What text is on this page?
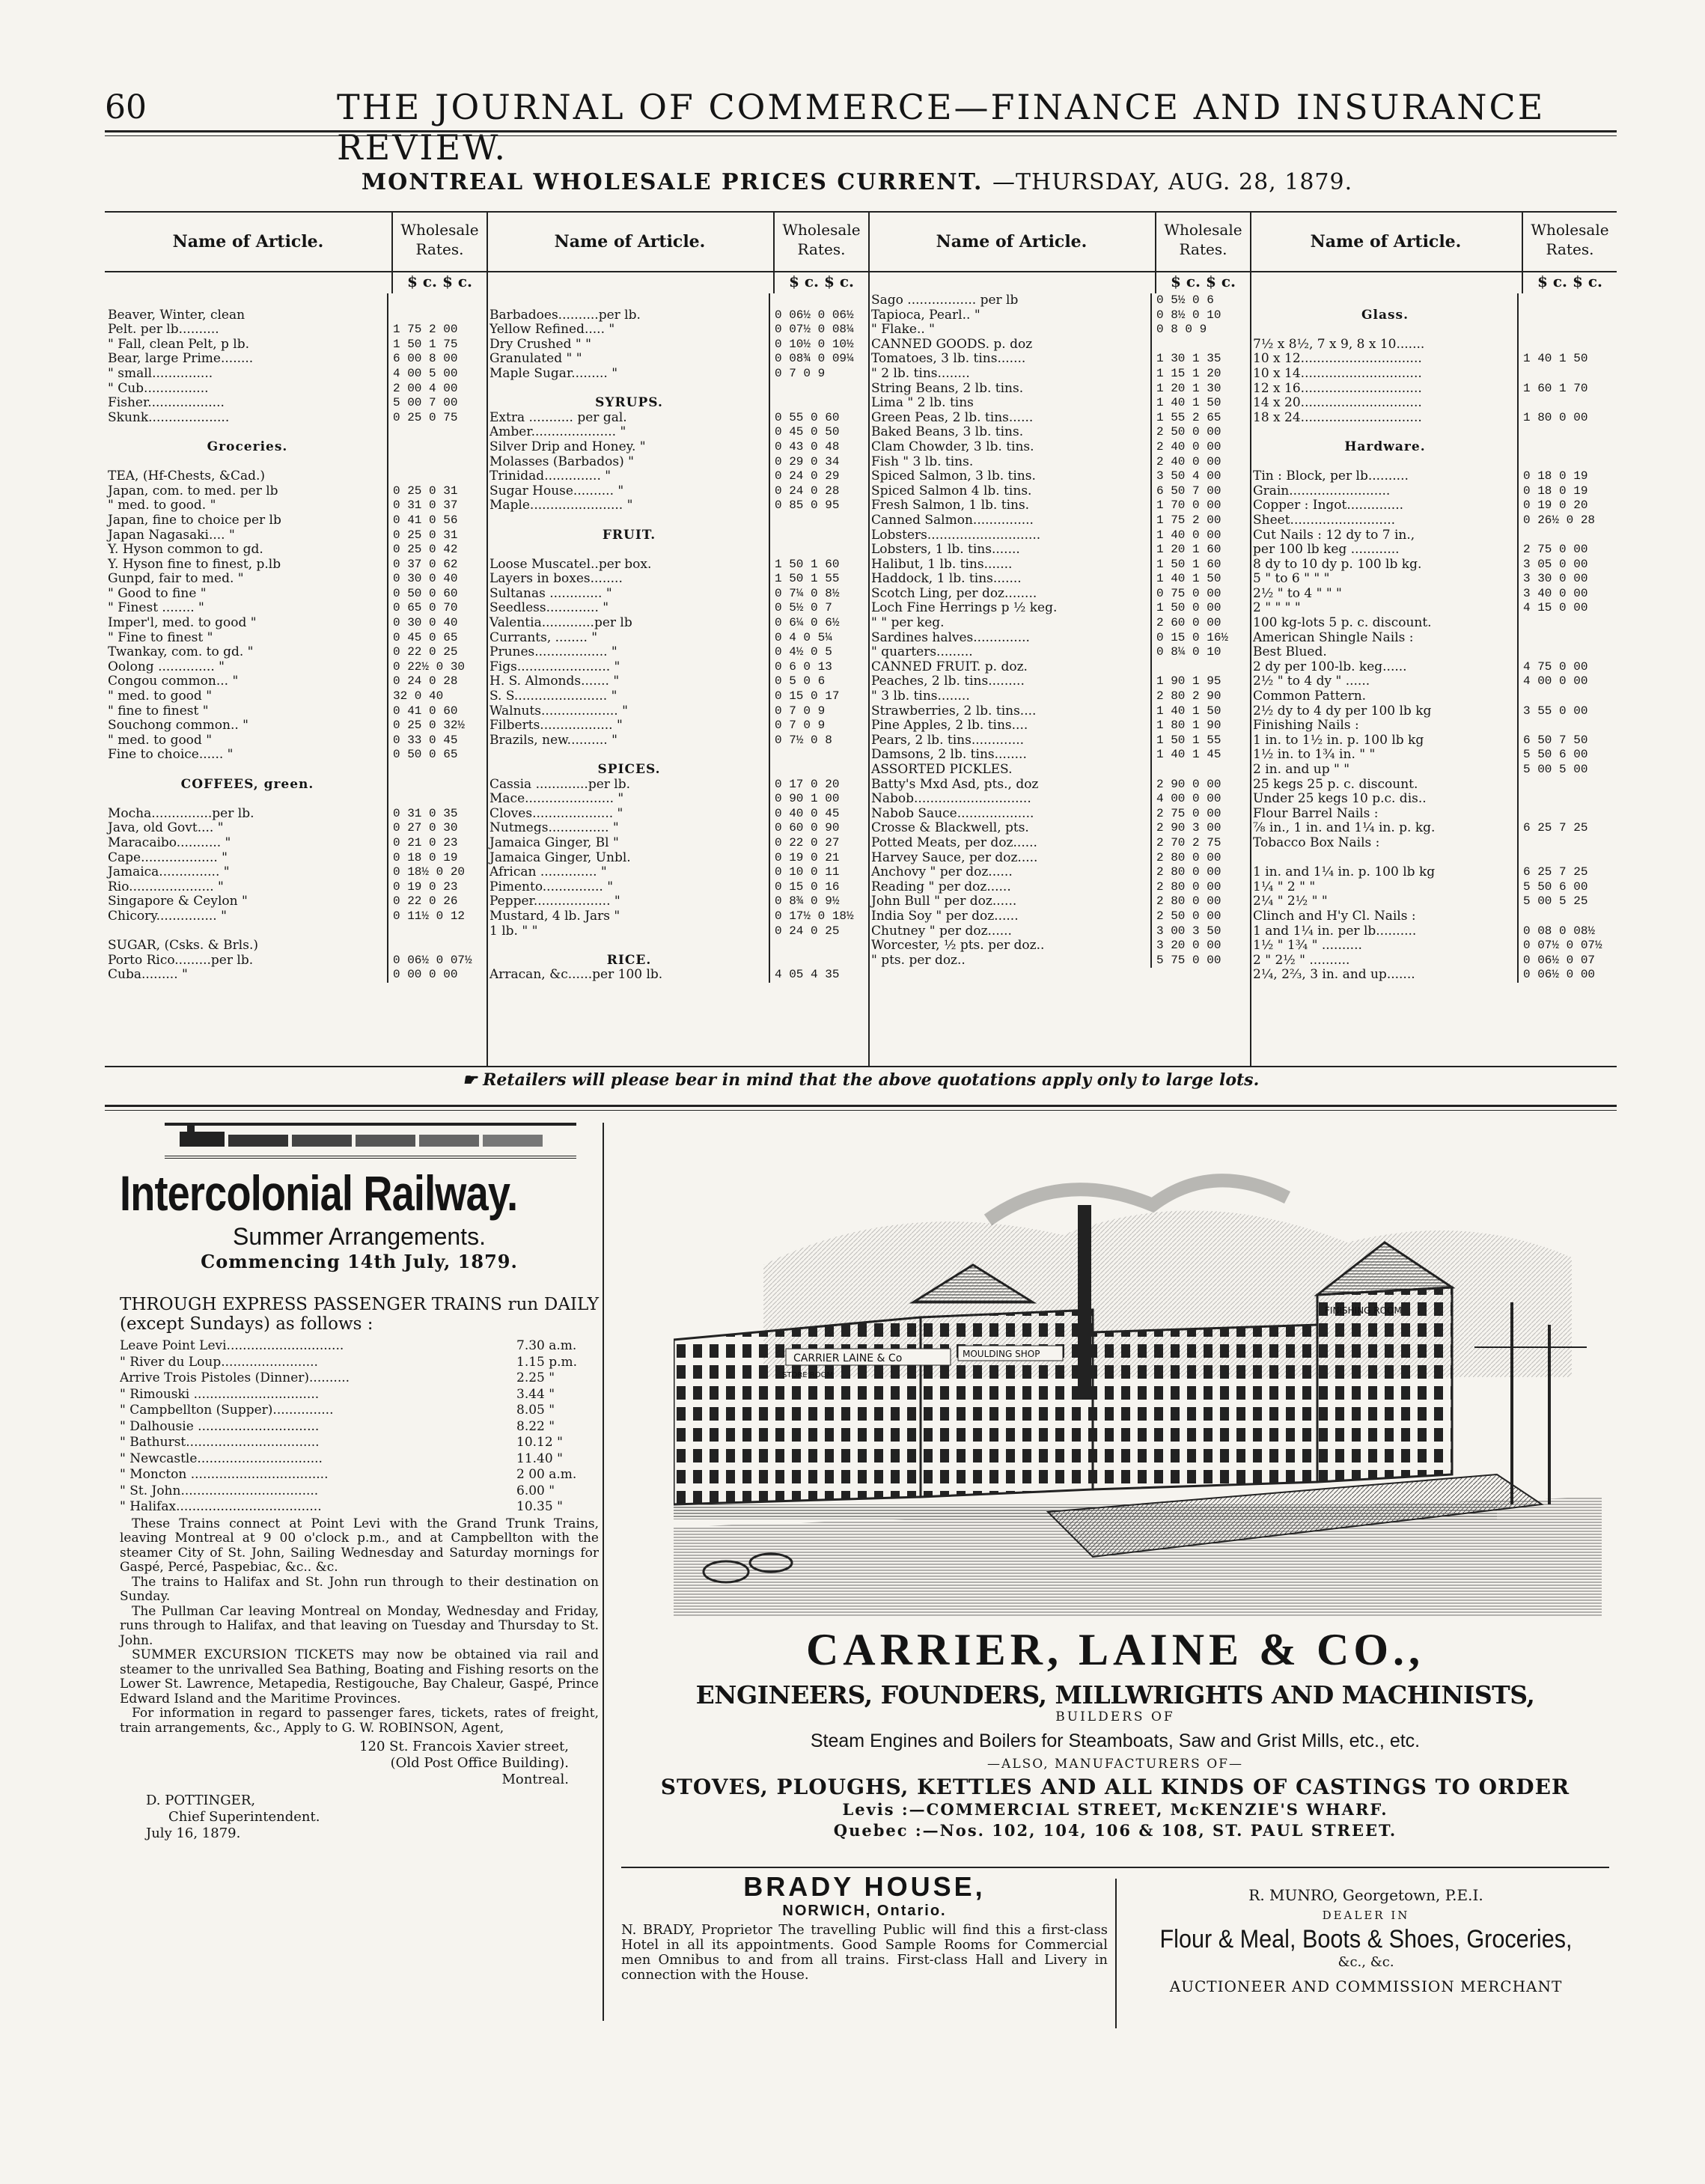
60	THE JOURNAL OF COMMERCE—FINANCE AND INSURANCE REVIEW.
MONTREAL WHOLESALE PRICES CURRENT. —THURSDAY, AUG. 28, 1879.
Name of Article.
Wholesale Rates.
$ c. $ c.
Beaver, Winter, clean
Pelt. per lb..........	1 75 2 00
" Fall, clean Pelt, p lb.	1 50 1 75
Bear, large Prime........	6 00 8 00
" small...............	4 00 5 00
" Cub................	2 00 4 00
Fisher...................	5 00 7 00
Skunk....................	0 25 0 75
Groceries.
TEA, (Hf-Chests, &Cad.)
Japan, com. to med. per lb	0 25 0 31
" med. to good. "	0 31 0 37
Japan, fine to choice per lb	0 41 0 56
Japan Nagasaki.... "	0 25 0 31
Y. Hyson common to gd.	0 25 0 42
Y. Hyson fine to finest, p.lb	0 37 0 62
Gunpd, fair to med. "	0 30 0 40
" Good to fine "	0 50 0 60
" Finest ........ "	0 65 0 70
Imper'l, med. to good "	0 30 0 40
" Fine to finest "	0 45 0 65
Twankay, com. to gd. "	0 22 0 25
Oolong .............. "	0 22½ 0 30
Congou common... "	0 24 0 28
" med. to good "	32 0 40
" fine to finest "	0 41 0 60
Souchong common.. "	0 25 0 32½
" med. to good "	0 33 0 45
Fine to choice...... "	0 50 0 65
COFFEES, green.
Mocha...............per lb.	0 31 0 35
Java, old Govt.... "	0 27 0 30
Maracaibo........... "	0 21 0 23
Cape................... "	0 18 0 19
Jamaica............... "	0 18½ 0 20
Rio..................... "	0 19 0 23
Singapore & Ceylon "	0 22 0 26
Chicory............... "	0 11½ 0 12
SUGAR, (Csks. & Brls.)
Porto Rico.........per lb.	0 06½ 0 07½
Cuba......... "	0 00 0 00
Name of Article.
Wholesale Rates.
$ c. $ c.
Barbadoes..........per lb.	0 06½ 0 06½
Yellow Refined..... "	0 07½ 0 08¼
Dry Crushed " "	0 10½ 0 10½
Granulated " "	0 08¾ 0 09¼
Maple Sugar......... "	0 7 0 9
SYRUPS.
Extra ........... per gal.	0 55 0 60
Amber..................... "	0 45 0 50
Silver Drip and Honey. "	0 43 0 48
Molasses (Barbados) "	0 29 0 34
Trinidad.............. "	0 24 0 29
Sugar House.......... "	0 24 0 28
Maple....................... "	0 85 0 95
FRUIT.
Loose Muscatel..per box.	1 50 1 60
Layers in boxes........	1 50 1 55
Sultanas ............. "	0 7¼ 0 8½
Seedless............. "	0 5½ 0 7
Valentia.............per lb	0 6¼ 0 6½
Currants, ........ "	0 4 0 5¼
Prunes.................. "	0 4½ 0 5
Figs....................... "	0 6 0 13
H. S. Almonds....... "	0 5 0 6
S. S....................... "	0 15 0 17
Walnuts................... "	0 7 0 9
Filberts.................. "	0 7 0 9
Brazils, new.......... "	0 7½ 0 8
SPICES.
Cassia .............per lb.	0 17 0 20
Mace...................... "	0 90 1 00
Cloves.................... "	0 40 0 45
Nutmegs............... "	0 60 0 90
Jamaica Ginger, Bl "	0 22 0 27
Jamaica Ginger, Unbl.	0 19 0 21
African .............. "	0 10 0 11
Pimento............... "	0 15 0 16
Pepper................... "	0 8¾ 0 9½
Mustard, 4 lb. Jars "	0 17½ 0 18½
1 lb. " "	0 24 0 25
RICE.
Arracan, &c......per 100 lb.	4 05 4 35
Name of Article.
Wholesale Rates.
$ c. $ c.
Sago ................. per lb	0 5½ 0 6
Tapioca, Pearl.. "	0 8½ 0 10
" Flake.. "	0 8 0 9
CANNED GOODS. p. doz
Tomatoes, 3 lb. tins.......	1 30 1 35
" 2 lb. tins........	1 15 1 20
String Beans, 2 lb. tins.	1 20 1 30
Lima " 2 lb. tins	1 40 1 50
Green Peas, 2 lb. tins......	1 55 2 65
Baked Beans, 3 lb. tins.	2 50 0 00
Clam Chowder, 3 lb. tins.	2 40 0 00
Fish " 3 lb. tins.	2 40 0 00
Spiced Salmon, 3 lb. tins.	3 50 4 00
Spiced Salmon 4 lb. tins.	6 50 7 00
Fresh Salmon, 1 lb. tins.	1 70 0 00
Canned Salmon...............	1 75 2 00
Lobsters............................	1 40 0 00
Lobsters, 1 lb. tins.......	1 20 1 60
Halibut, 1 lb. tins.......	1 50 1 60
Haddock, 1 lb. tins.......	1 40 1 50
Scotch Ling, per doz........	0 75 0 00
Loch Fine Herrings p ½ keg.	1 50 0 00
" " per keg.	2 60 0 00
Sardines halves..............	0 15 0 16½
" quarters.........	0 8¼ 0 10
CANNED FRUIT. p. doz.
Peaches, 2 lb. tins.........	1 90 1 95
" 3 lb. tins........	2 80 2 90
Strawberries, 2 lb. tins....	1 40 1 50
Pine Apples, 2 lb. tins....	1 80 1 90
Pears, 2 lb. tins.............	1 50 1 55
Damsons, 2 lb. tins........	1 40 1 45
ASSORTED PICKLES.
Batty's Mxd Asd, pts., doz	2 90 0 00
Nabob.............................	4 00 0 00
Nabob Sauce...................	2 75 0 00
Crosse & Blackwell, pts.	2 90 3 00
Potted Meats, per doz......	2 70 2 75
Harvey Sauce, per doz.....	2 80 0 00
Anchovy " per doz......	2 80 0 00
Reading " per doz......	2 80 0 00
John Bull " per doz......	2 80 0 00
India Soy " per doz......	2 50 0 00
Chutney " per doz......	3 00 3 50
Worcester, ½ pts. per doz..	3 20 0 00
" pts. per doz..	5 75 0 00
Name of Article.
Wholesale Rates.
$ c. $ c.
Glass.
7½ x 8½, 7 x 9, 8 x 10.......
10 x 12..............................	1 40 1 50
10 x 14..............................
12 x 16..............................	1 60 1 70
14 x 20..............................
18 x 24..............................	1 80 0 00
Hardware.
Tin : Block, per lb..........	0 18 0 19
Grain.........................	0 18 0 19
Copper : Ingot..............	0 19 0 20
Sheet..........................	0 26½ 0 28
Cut Nails : 12 dy to 7 in.,
per 100 lb keg ............	2 75 0 00
8 dy to 10 dy p. 100 lb kg.	3 05 0 00
5 " to 6 " " "	3 30 0 00
2½ " to 4 " " "	3 40 0 00
2 " " " "	4 15 0 00
100 kg-lots 5 p. c. discount.
American Shingle Nails :
Best Blued.
2 dy per 100-lb. keg......	4 75 0 00
2½ " to 4 dy " ......	4 00 0 00
Common Pattern.
2½ dy to 4 dy per 100 lb kg	3 55 0 00
Finishing Nails :
1 in. to 1½ in. p. 100 lb kg	6 50 7 50
1½ in. to 1¾ in. " "	5 50 6 00
2 in. and up " "	5 00 5 00
25 kegs 25 p. c. discount.
Under 25 kegs 10 p.c. dis..
Flour Barrel Nails :
⅞ in., 1 in. and 1¼ in. p. kg.	6 25 7 25
Tobacco Box Nails :
1 in. and 1¼ in. p. 100 lb kg	6 25 7 25
1¼ " 2 " "	5 50 6 00
2¼ " 2½ " "	5 00 5 25
Clinch and H'y Cl. Nails :
1 and 1¼ in. per lb..........	0 08 0 08½
1½ " 1¾ " ..........	0 07½ 0 07½
2 " 2½ " ..........	0 06½ 0 07
2¼, 2⅔, 3 in. and up.......	0 06½ 0 00
☛ Retailers will please bear in mind that the above quotations apply only to large lots.
Intercolonial Railway.
Summer Arrangements.
Commencing 14th July, 1879.
THROUGH EXPRESS PASSENGER TRAINS run DAILY (except Sundays) as follows :
Leave Point Levi.............................	7.30 a.m.
" River du Loup........................	1.15 p.m.
Arrive Trois Pistoles (Dinner)..........	2.25 "
" Rimouski ...............................	3.44 "
" Campbellton (Supper)...............	8.05 "
" Dalhousie ..............................	8.22 "
" Bathurst.................................	10.12 "
" Newcastle...............................	11.40 "
" Moncton ..................................	2 00 a.m.
" St. John..................................	6.00 "
" Halifax....................................	10.35 "

These Trains connect at Point Levi with the Grand Trunk Trains, leaving Montreal at 9 00 o'clock p.m., and at Campbellton with the steamer City of St. John, Sailing Wednesday and Saturday mornings for Gaspé, Percé, Paspebiac, &c.. &c.

The trains to Halifax and St. John run through to their destination on Sunday.

The Pullman Car leaving Montreal on Monday, Wednesday and Friday, runs through to Halifax, and that leaving on Tuesday and Thursday to St. John.

SUMMER EXCURSION TICKETS may now be obtained via rail and steamer to the unrivalled Sea Bathing, Boating and Fishing resorts on the Lower St. Lawrence, Metapedia, Restigouche, Bay Chaleur, Gaspé, Prince Edward Island and the Maritime Provinces.

For information in regard to passenger fares, tickets, rates of freight, train arrangements, &c., Apply to G. W. ROBINSON, Agent,

120 St. Francois Xavier street,
(Old Post Office Building).
Montreal.
D. POTTINGER,
Chief Superintendent.
July 16, 1879.
CARRIER LAINE & Co	MOULDING SHOP
FINISHING ROOM
STORE ROOM
CARRIER, LAINE & CO.,
ENGINEERS, FOUNDERS, MILLWRIGHTS AND MACHINISTS,
BUILDERS OF
Steam Engines and Boilers for Steamboats, Saw and Grist Mills, etc., etc.
—ALSO, MANUFACTURERS OF—
STOVES, PLOUGHS, KETTLES AND ALL KINDS OF CASTINGS TO ORDER
Levis :—COMMERCIAL STREET, McKENZIE'S WHARF.
Quebec :—Nos. 102, 104, 106 & 108, ST. PAUL STREET.
BRADY HOUSE,
NORWICH, Ontario.
N. BRADY, Proprietor The travelling Public will find this a first-class Hotel in all its appointments. Good Sample Rooms for Commercial men Omnibus to and from all trains. First-class Hall and Livery in connection with the House.
R. MUNRO, Georgetown, P.E.I.
DEALER IN
Flour & Meal, Boots & Shoes, Groceries,
&c., &c.
AUCTIONEER AND COMMISSION MERCHANT
